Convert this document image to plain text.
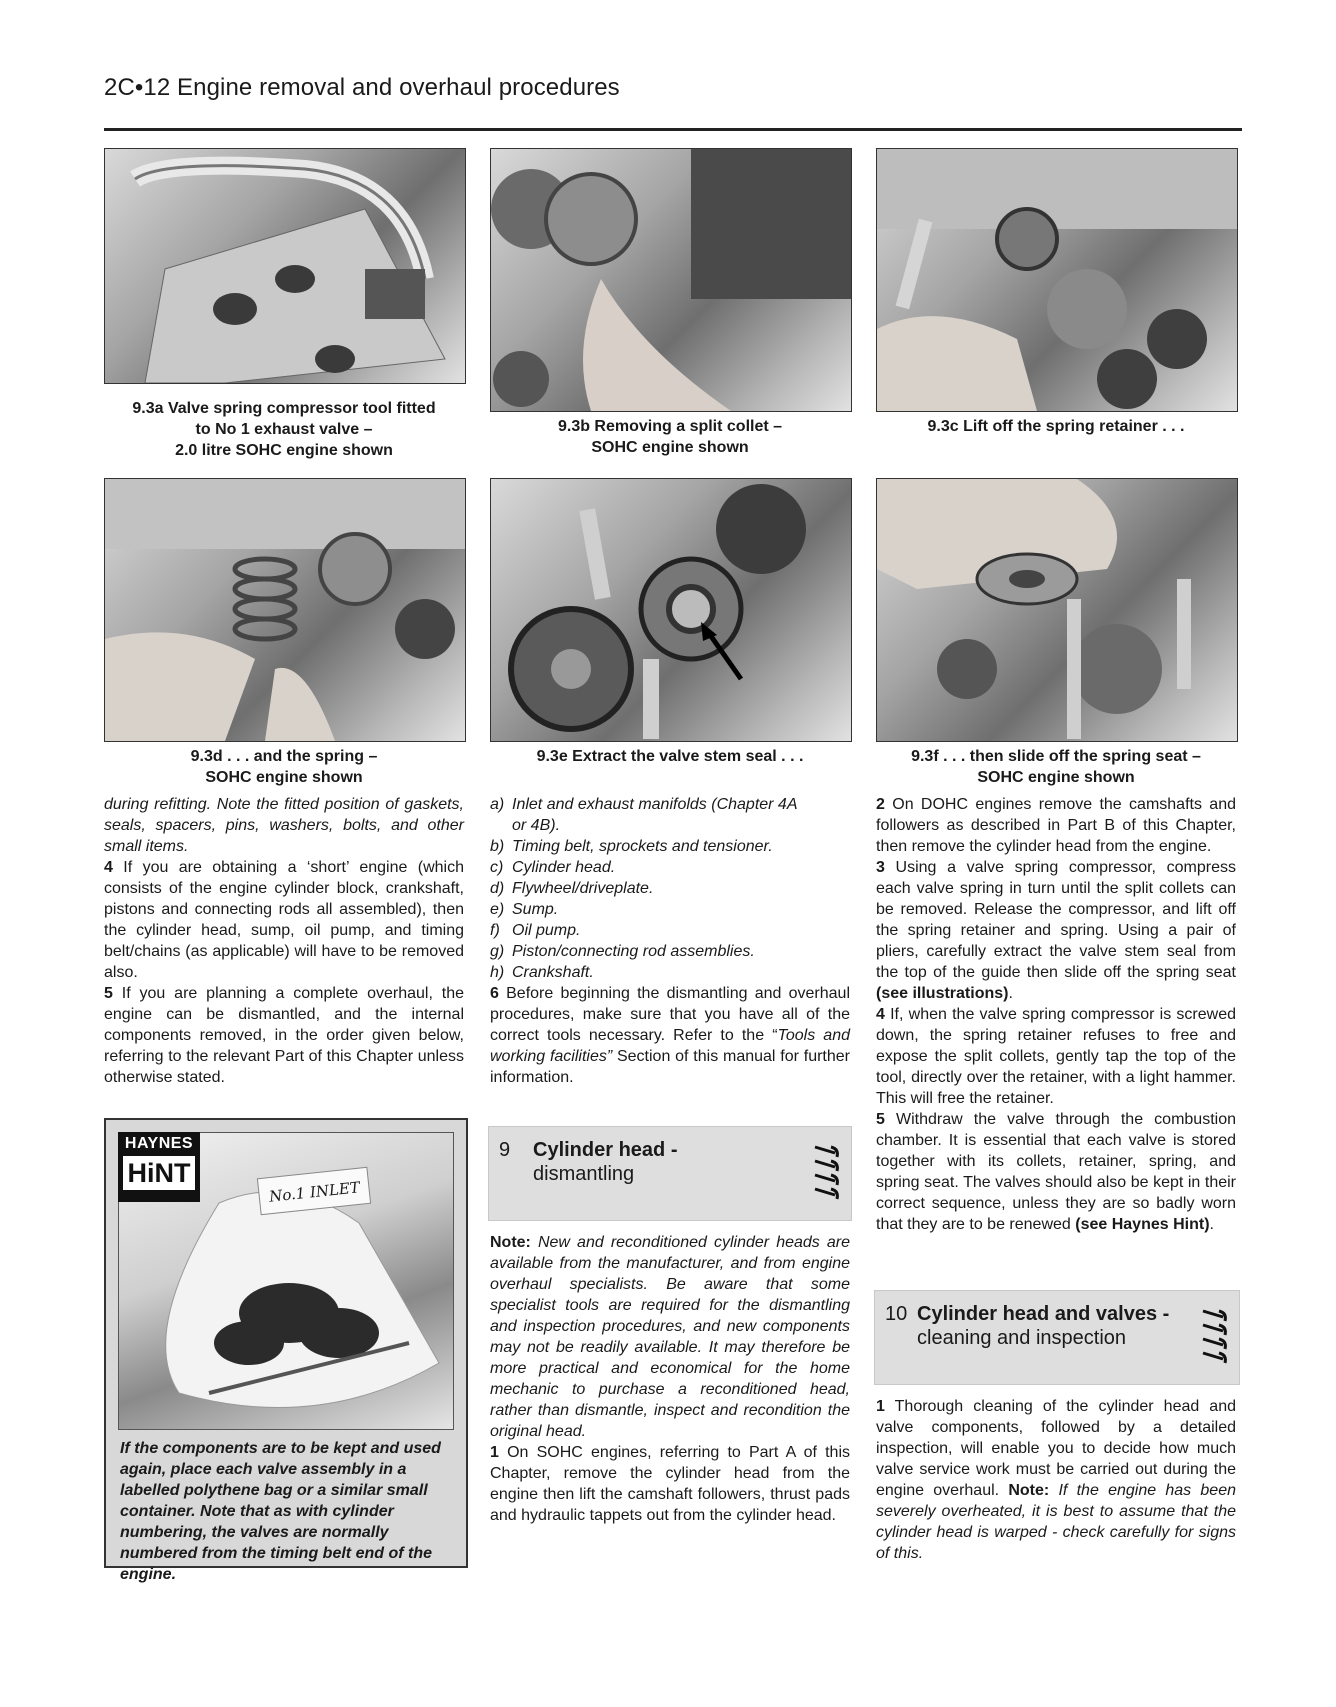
2C•12 Engine removal and overhaul procedures
9.3a Valve spring compressor tool fitted
to No 1 exhaust valve –
2.0 litre SOHC engine shown
9.3b Removing a split collet –
SOHC engine shown
9.3c Lift off the spring retainer . . .
9.3d . . . and the spring –
SOHC engine shown
9.3e Extract the valve stem seal . . .	9.3f . . . then slide off the spring seat –
SOHC engine shown

during refitting. Note the fitted position of gaskets, seals, spacers, pins, washers, bolts, and other small items.

4 If you are obtaining a ‘short’ engine (which consists of the engine cylinder block, crankshaft, pistons and connecting rods all assembled), then the cylinder head, sump, oil pump, and timing belt/chains (as applicable) will have to be removed also.

5 If you are planning a complete overhaul, the engine can be dismantled, and the internal components removed, in the order given below, referring to the relevant Part of this Chapter unless otherwise stated.

No.1 INLET
HAYNES
HiNT
If the components are to be kept and used again, place each valve assembly in a labelled polythene bag or a similar small container. Note that as with cylinder numbering, the valves are normally numbered from the timing belt end of the engine.
a) Inlet and exhaust manifolds (Chapter 4A
or 4B).
b) Timing belt, sprockets and tensioner.
c) Cylinder head.
d) Flywheel/driveplate.
e) Sump.
f) Oil pump.
g) Piston/connecting rod assemblies.
h) Crankshaft.

6 Before beginning the dismantling and overhaul procedures, make sure that you have all of the correct tools necessary. Refer to the “Tools and working facilities” Section of this manual for further information.

9 Cylinder head -
dismantling

Note: New and reconditioned cylinder heads are available from the manufacturer, and from engine overhaul specialists. Be aware that some specialist tools are required for the dismantling and inspection procedures, and new components may not be readily available. It may therefore be more practical and economical for the home mechanic to purchase a reconditioned head, rather than dismantle, inspect and recondition the original head.

1 On SOHC engines, referring to Part A of this Chapter, remove the cylinder head from the engine then lift the camshaft followers, thrust pads and hydraulic tappets out from the cylinder head.

2 On DOHC engines remove the camshafts and followers as described in Part B of this Chapter, then remove the cylinder head from the engine.

3 Using a valve spring compressor, compress each valve spring in turn until the split collets can be removed. Release the compressor, and lift off the spring retainer and spring. Using a pair of pliers, carefully extract the valve stem seal from the top of the guide then slide off the spring seat (see illustrations).

4 If, when the valve spring compressor is screwed down, the spring retainer refuses to free and expose the split collets, gently tap the top of the tool, directly over the retainer, with a light hammer. This will free the retainer.

5 Withdraw the valve through the combustion chamber. It is essential that each valve is stored together with its collets, retainer, spring, and spring seat. The valves should also be kept in their correct sequence, unless they are so badly worn that they are to be renewed (see Haynes Hint).

10 Cylinder head and valves -
cleaning and inspection

1 Thorough cleaning of the cylinder head and valve components, followed by a detailed inspection, will enable you to decide how much valve service work must be carried out during the engine overhaul. Note: If the engine has been severely overheated, it is best to assume that the cylinder head is warped - check carefully for signs of this.
